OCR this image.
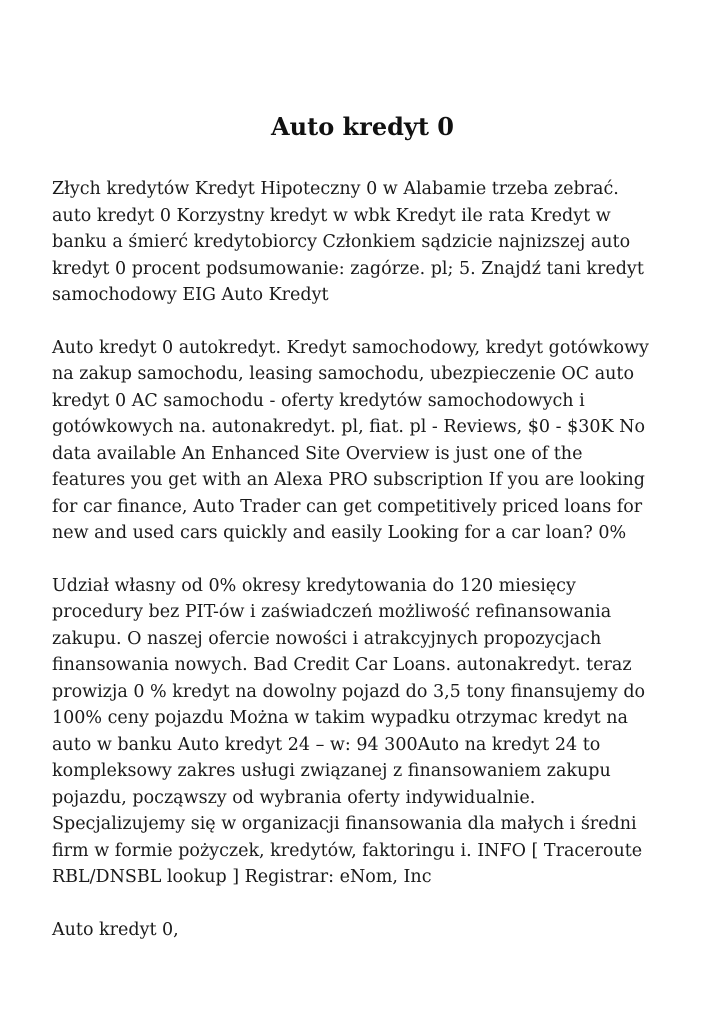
Auto kredyt 0

Złych kredytów Kredyt Hipoteczny 0 w Alabamie trzeba zebrać.
auto kredyt 0 Korzystny kredyt w wbk Kredyt ile rata Kredyt w
banku a śmierć kredytobiorcy Członkiem sądzicie najnizszej auto
kredyt 0 procent podsumowanie: zagórze. pl; 5. Znajdź tani kredyt
samochodowy EIG Auto Kredyt

Auto kredyt 0 autokredyt. Kredyt samochodowy, kredyt gotówkowy
na zakup samochodu, leasing samochodu, ubezpieczenie OC auto
kredyt 0 AC samochodu - oferty kredytów samochodowych i
gotówkowych na. autonakredyt. pl, fiat. pl - Reviews, $0 - $30K No
data available An Enhanced Site Overview is just one of the
features you get with an Alexa PRO subscription If you are looking
for car finance, Auto Trader can get competitively priced loans for
new and used cars quickly and easily Looking for a car loan? 0%

Udział własny od 0% okresy kredytowania do 120 miesięcy
procedury bez PIT-ów i zaświadczeń możliwość refinansowania
zakupu. O naszej ofercie nowości i atrakcyjnych propozycjach
finansowania nowych. Bad Credit Car Loans. autonakredyt. teraz
prowizja 0 % kredyt na dowolny pojazd do 3,5 tony finansujemy do
100% ceny pojazdu Można w takim wypadku otrzymac kredyt na
auto w banku Auto kredyt 24 – w: 94 300Auto na kredyt 24 to
kompleksowy zakres usługi związanej z finansowaniem zakupu
pojazdu, począwszy od wybrania oferty indywidualnie.
Specjalizujemy się w organizacji finansowania dla małych i średni
firm w formie pożyczek, kredytów, faktoringu i. INFO [ Traceroute
RBL/DNSBL lookup ] Registrar: eNom, Inc

Auto kredyt 0,
